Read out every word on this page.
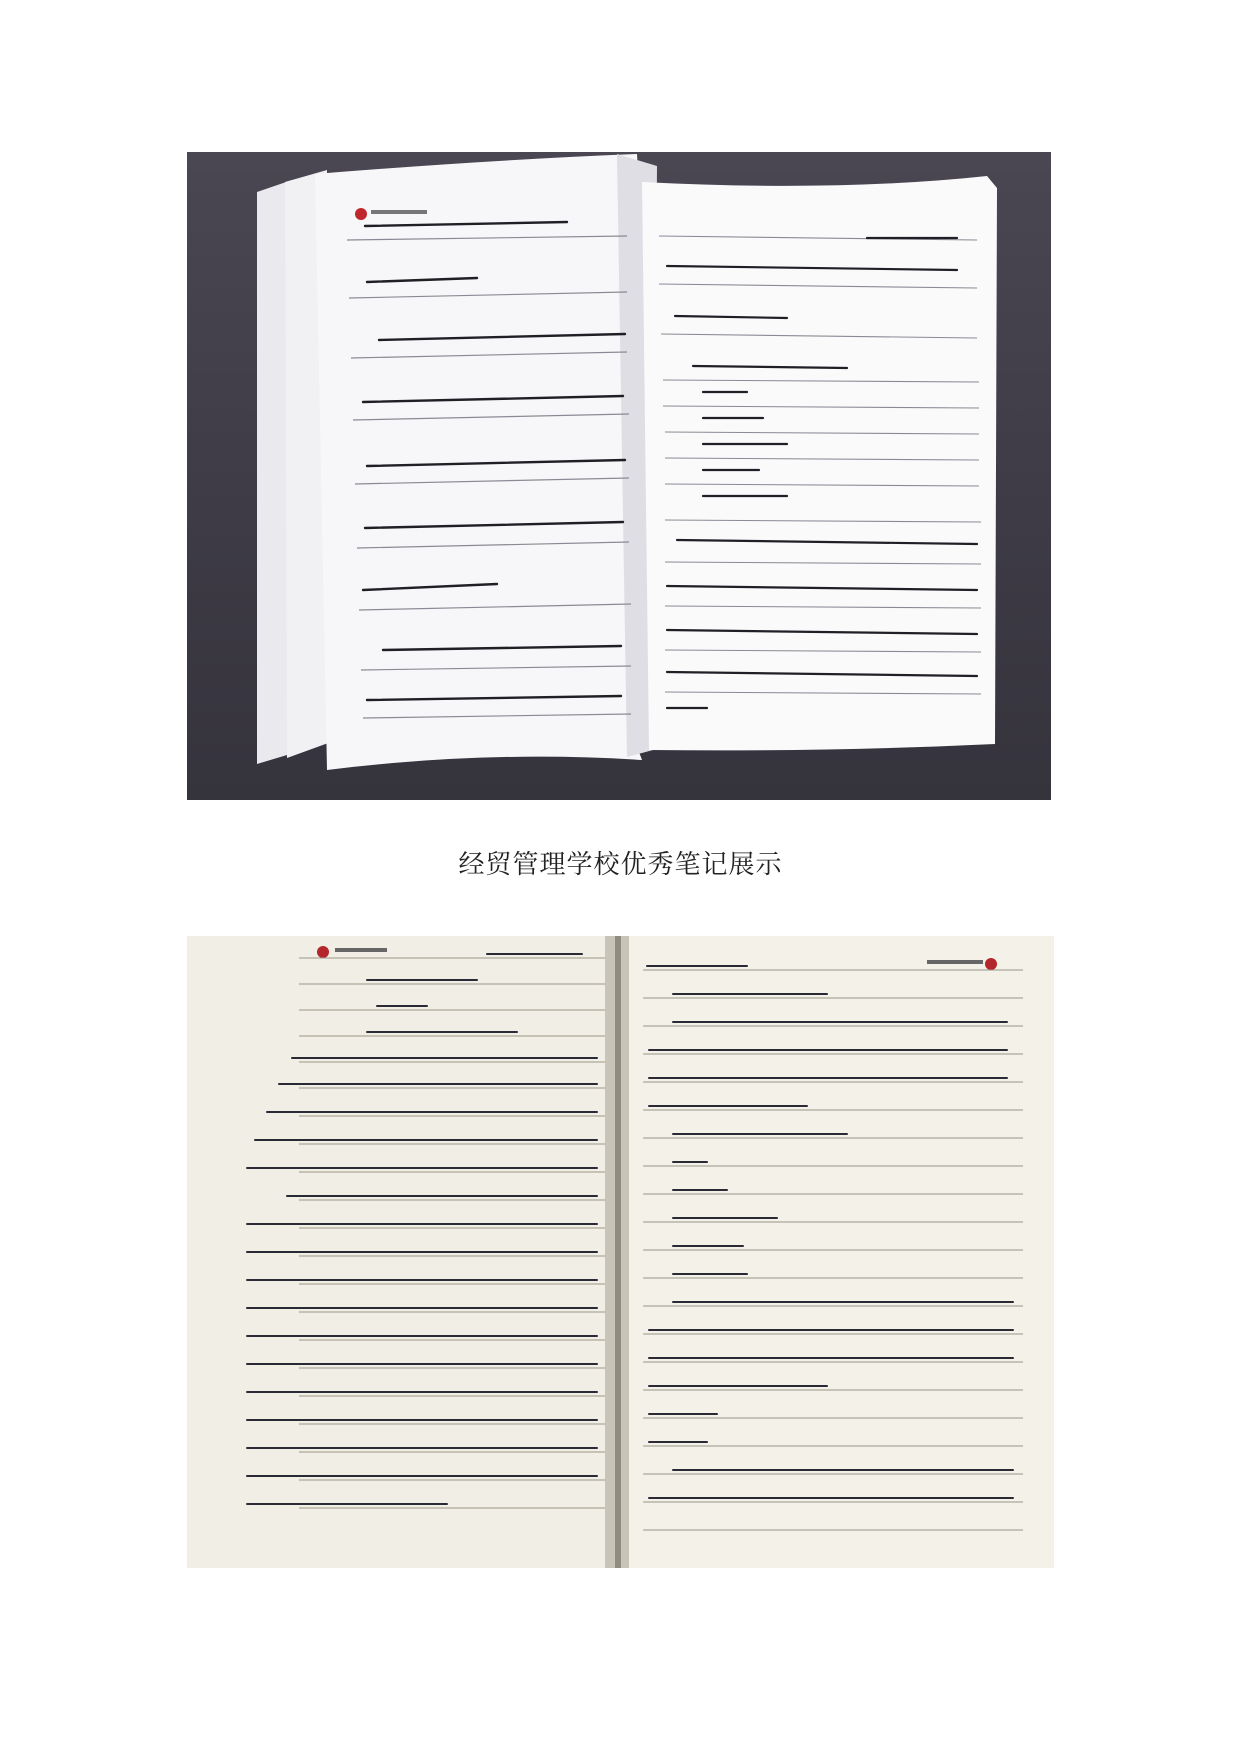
经贸管理学校优秀笔记展示
